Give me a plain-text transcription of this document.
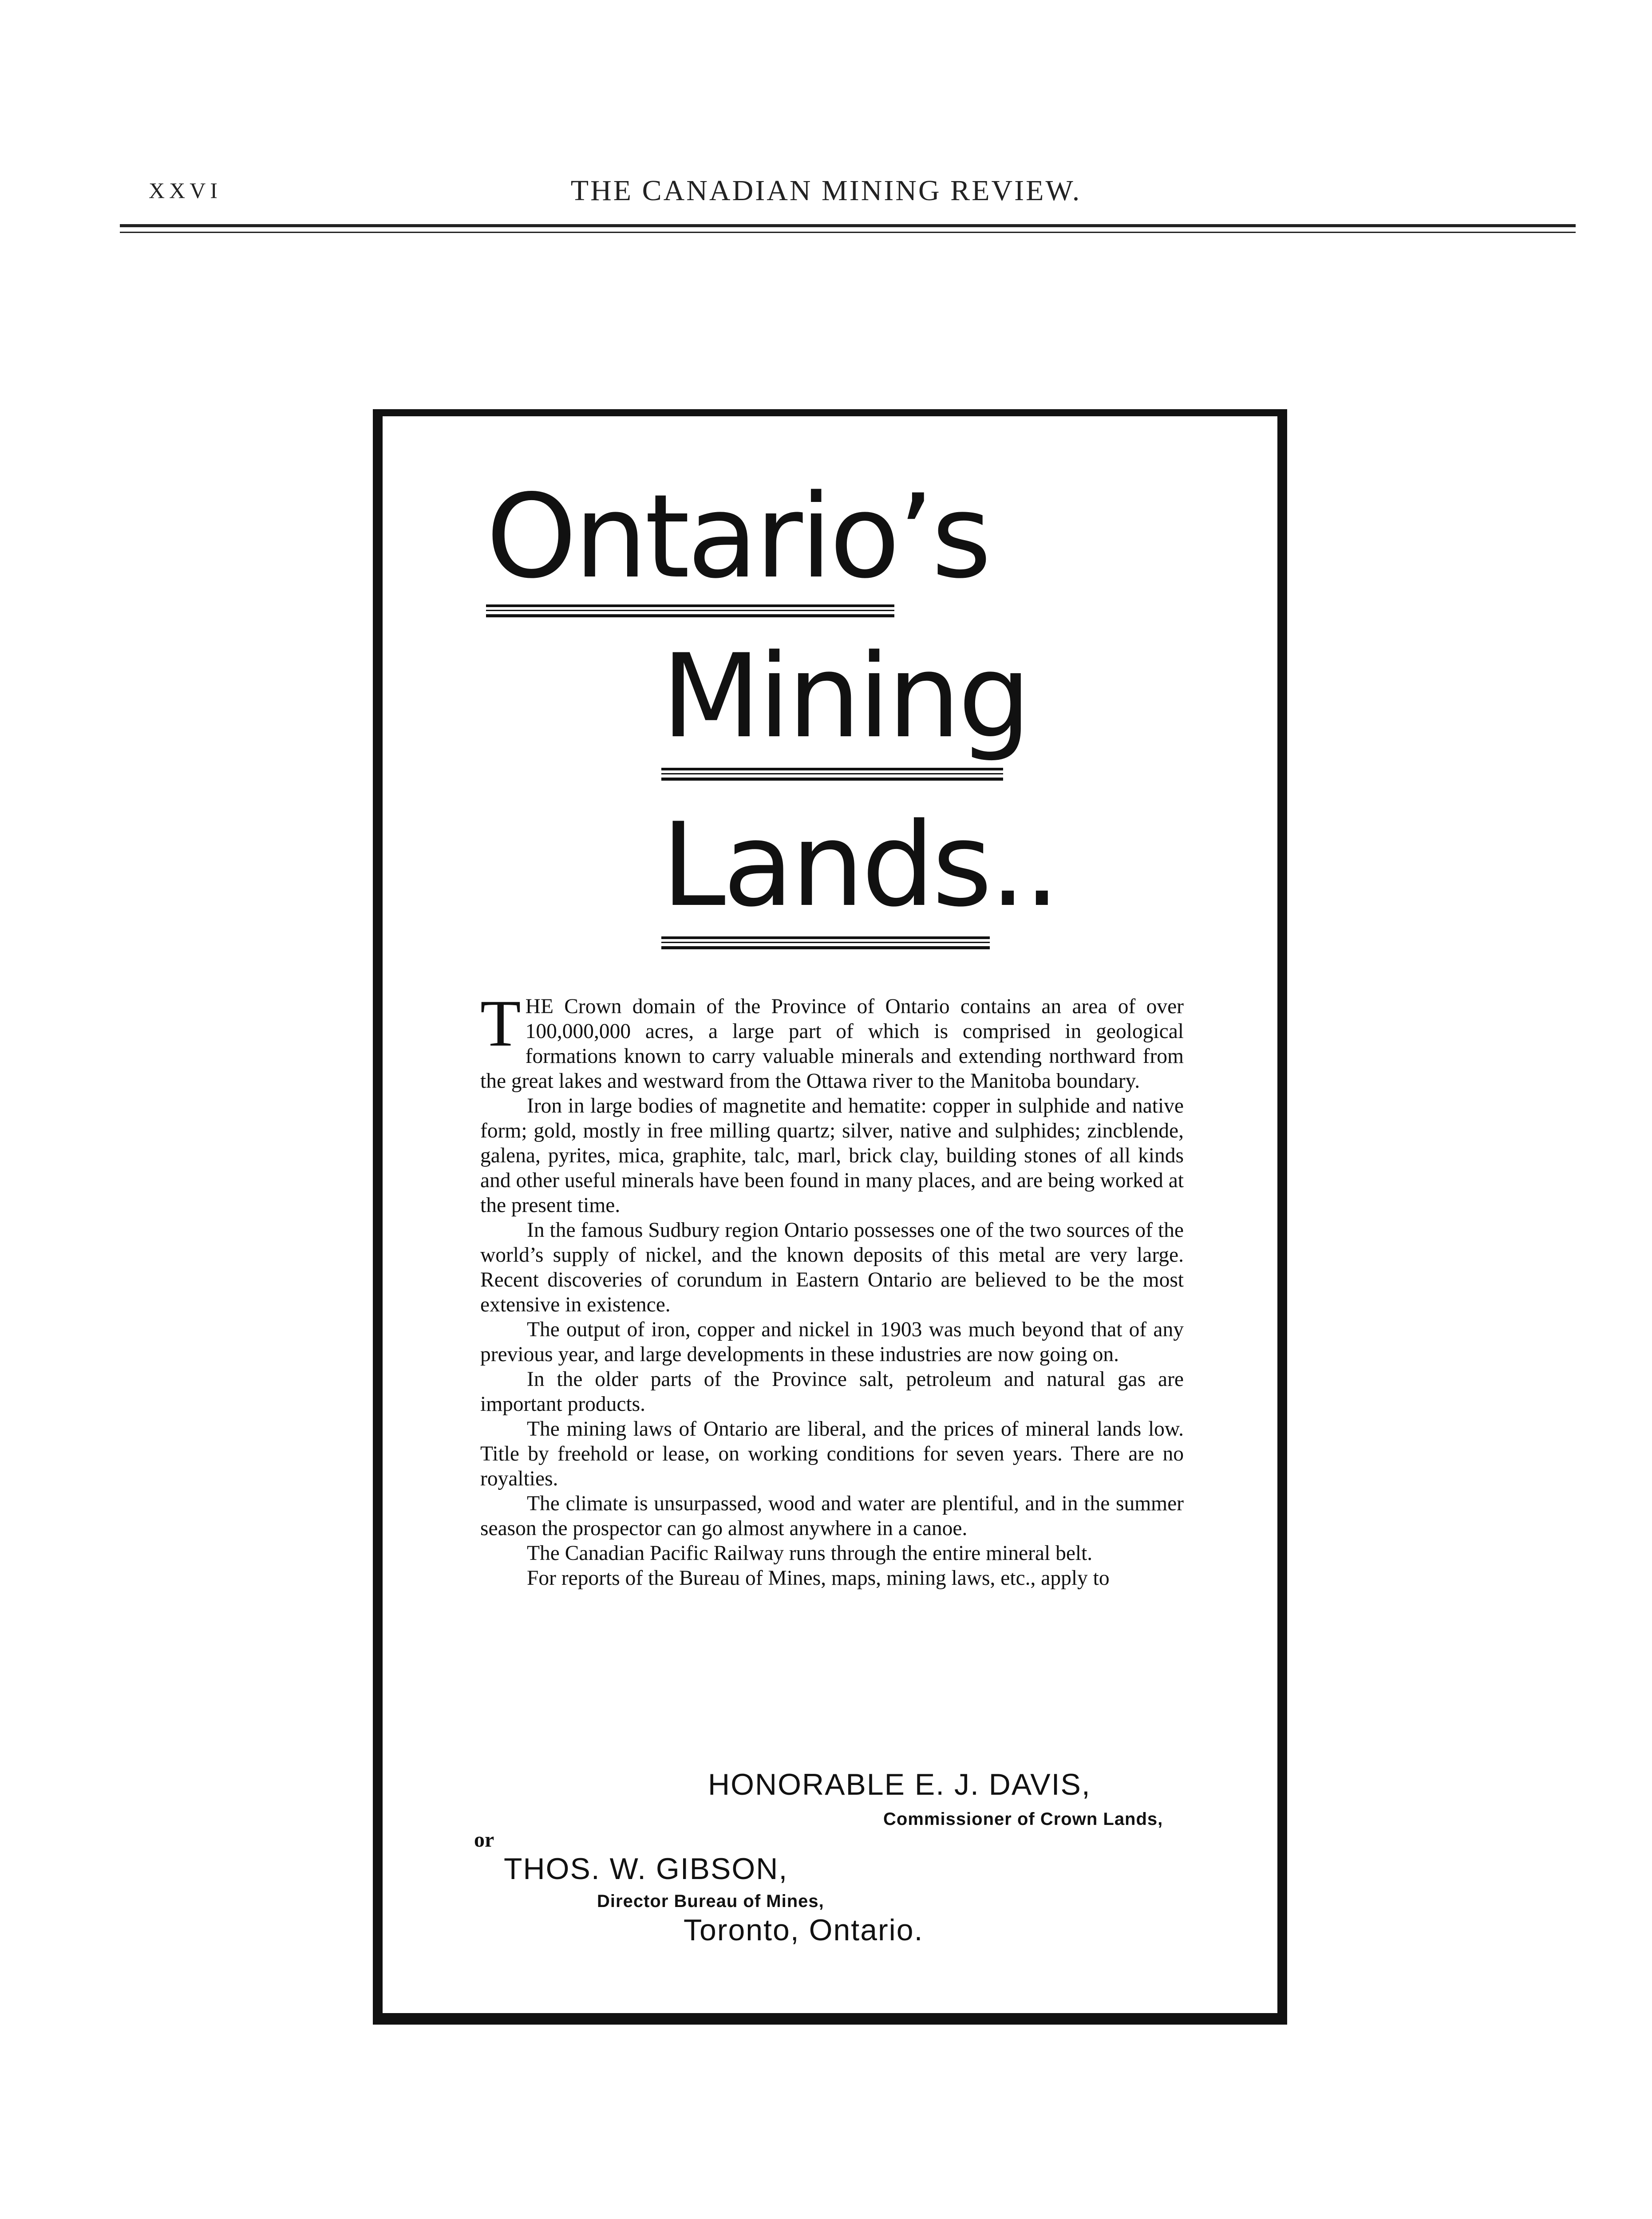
XXVI	THE CANADIAN MINING REVIEW.
Ontario’s
Mining
Lands..

THE Crown domain of the Province of Ontario contains an area of over 100,000,000 acres, a large part of which is comprised in geological formations known to carry valuable minerals and extending northward from the great lakes and westward from the Ottawa river to the Manitoba boundary.

Iron in large bodies of magnetite and hematite: copper in sulphide and native form; gold, mostly in free milling quartz; silver, native and sulphides; zincblende, galena, pyrites, mica, graphite, talc, marl, brick clay, building stones of all kinds and other useful minerals have been found in many places, and are being worked at the present time.

In the famous Sudbury region Ontario possesses one of the two sources of the world’s supply of nickel, and the known deposits of this metal are very large. Recent discoveries of corundum in Eastern Ontario are believed to be the most extensive in existence.

The output of iron, copper and nickel in 1903 was much beyond that of any previous year, and large developments in these industries are now going on.

In the older parts of the Province salt, petroleum and natural gas are important products.

The mining laws of Ontario are liberal, and the prices of mineral lands low. Title by freehold or lease, on working conditions for seven years. There are no royalties.

The climate is unsurpassed, wood and water are plentiful, and in the summer season the prospector can go almost anywhere in a canoe.

The Canadian Pacific Railway runs through the entire mineral belt.

For reports of the Bureau of Mines, maps, mining laws, etc., apply to

HONORABLE E. J. DAVIS,
Commissioner of Crown Lands,
or
THOS. W. GIBSON,
Director Bureau of Mines,
Toronto, Ontario.
